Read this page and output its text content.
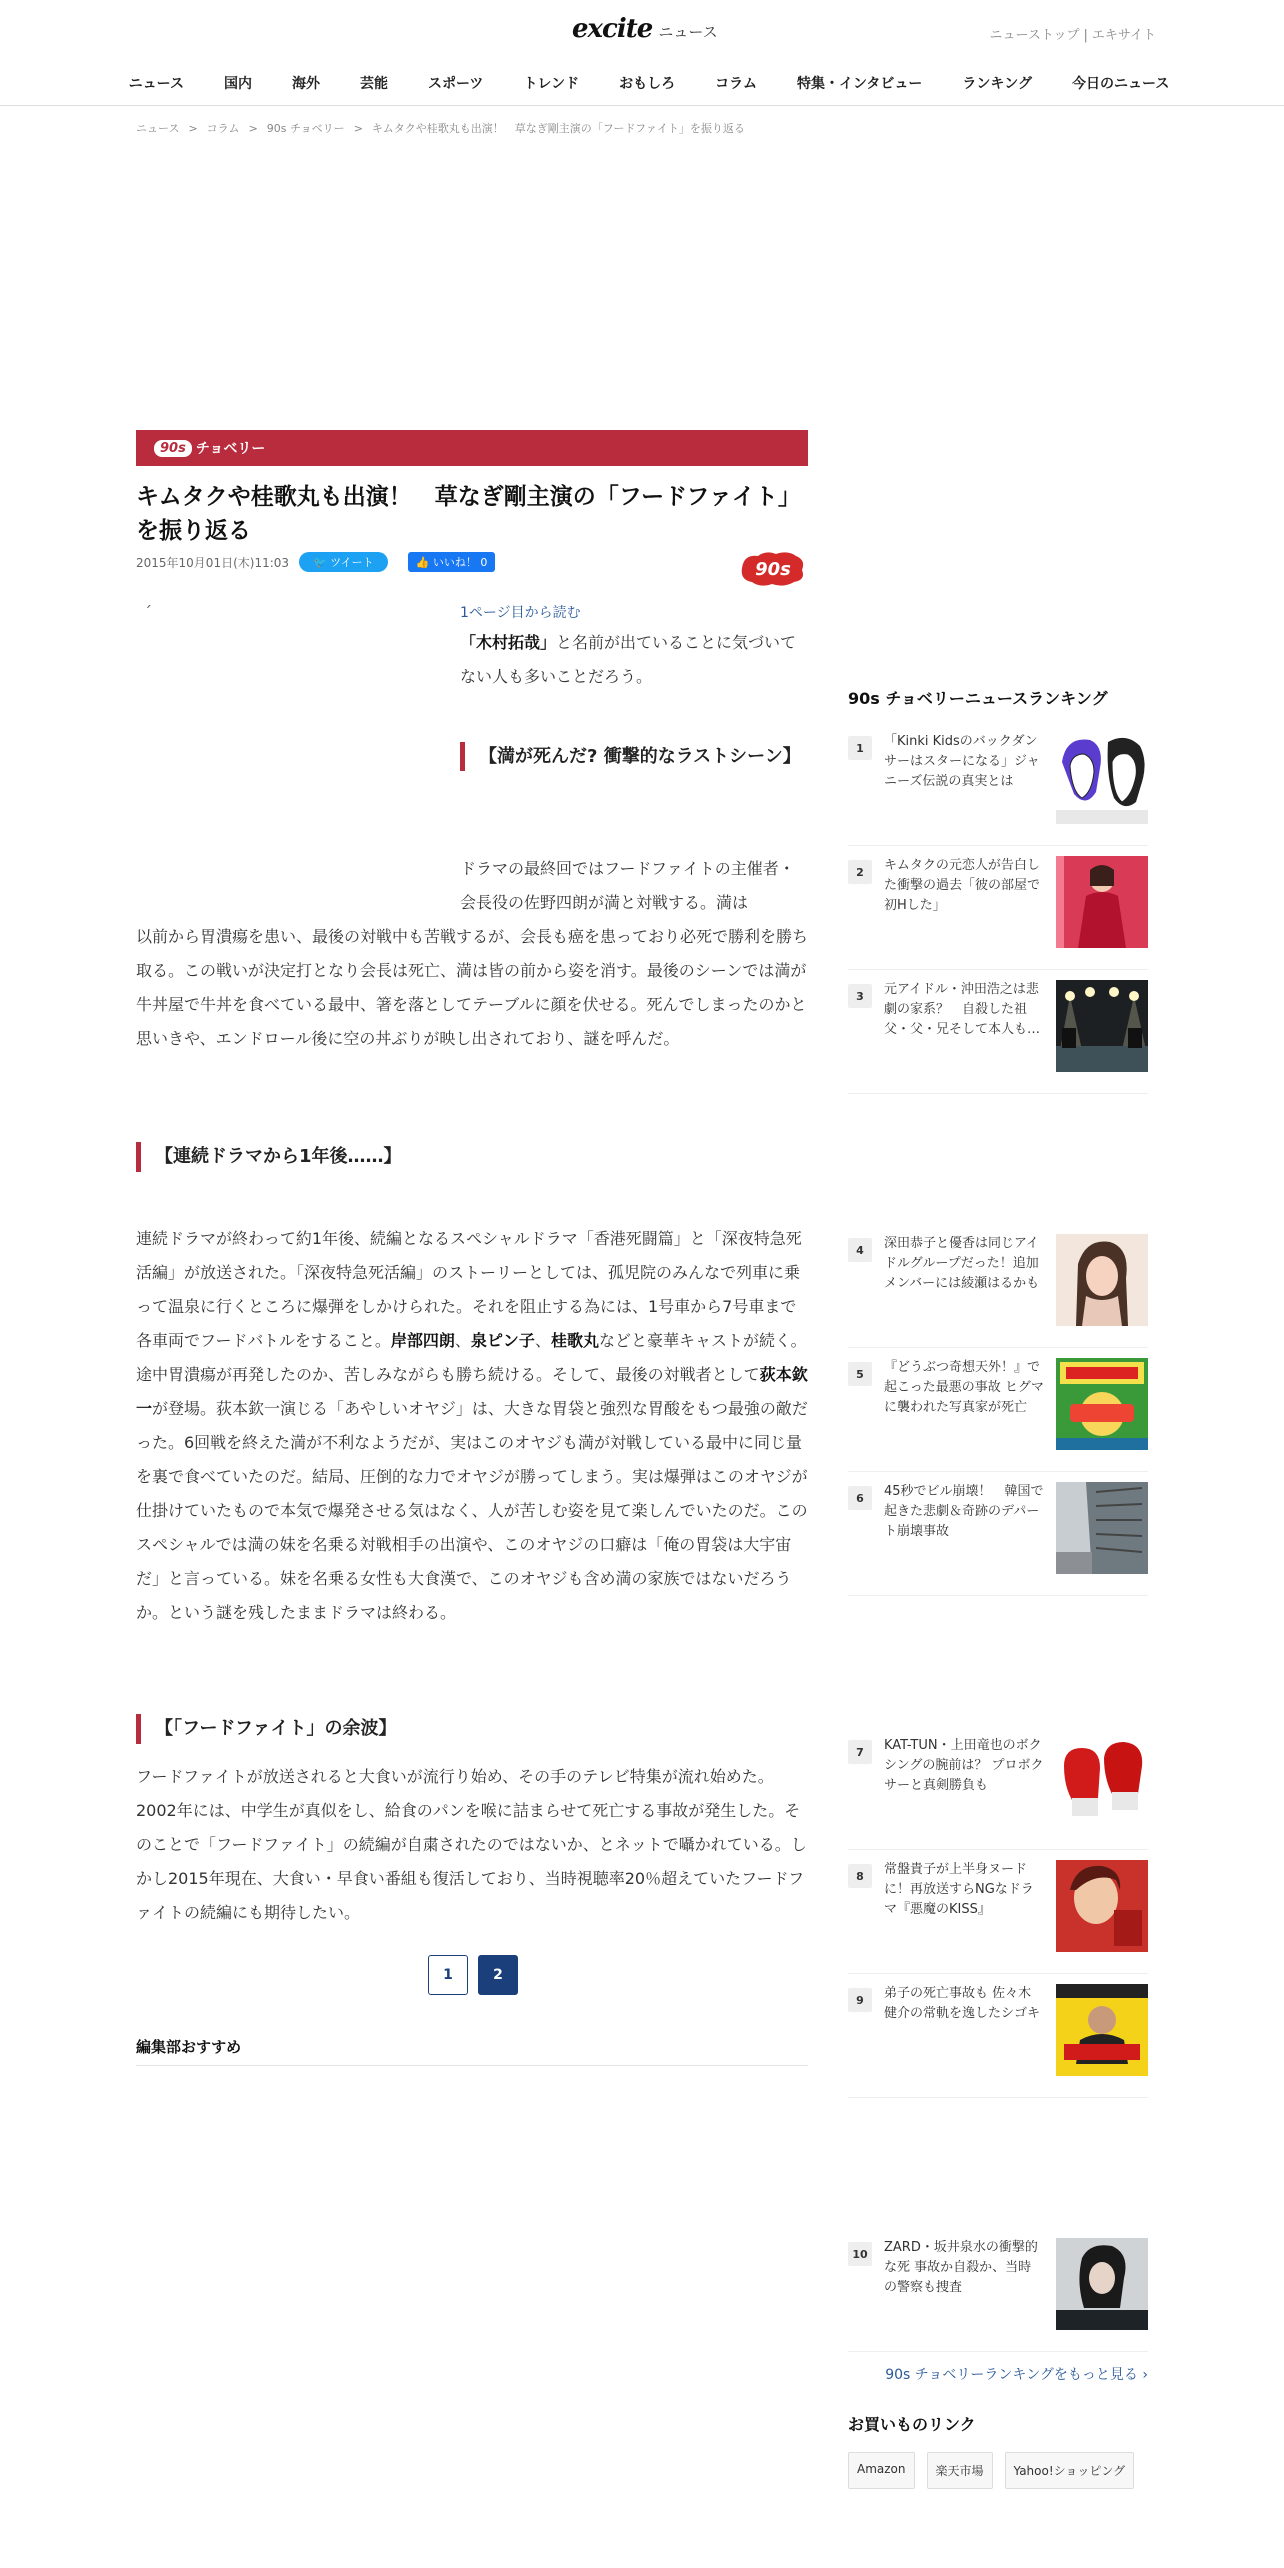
excite ニュース	ニューストップ | エキサイト
ニュース	国内	海外	芸能	スポーツ	トレンド	おもしろ	コラム	特集・インタビュー	ランキング	今日のニュース
ニュース > コラム > 90s チョベリー > キムタクや桂歌丸も出演！　草なぎ剛主演の「フードファイト」を振り返る
90s チョベリー
キムタクや桂歌丸も出演！　草なぎ剛主演の「フードファイト」を振り返る
2015年10月01日(木)11:03	🐦 ツイート	👍 いいね！ 0	90s
´	1ページ目から読む

「木村拓哉」と名前が出ていることに気づいてない人も多いことだろう。

【満が死んだ? 衝撃的なラストシーン】

ドラマの最終回ではフードファイトの主催者・会長役の佐野四朗が満と対戦する。満は

以前から胃潰瘍を患い、最後の対戦中も苦戦するが、会長も癌を患っており必死で勝利を勝ち取る。この戦いが決定打となり会長は死亡、満は皆の前から姿を消す。最後のシーンでは満が牛丼屋で牛丼を食べている最中、箸を落としてテーブルに顔を伏せる。死んでしまったのかと思いきや、エンドロール後に空の丼ぶりが映し出されており、謎を呼んだ。

【連続ドラマから1年後……】

連続ドラマが終わって約1年後、続編となるスペシャルドラマ「香港死闘篇」と「深夜特急死活編」が放送された。「深夜特急死活編」のストーリーとしては、孤児院のみんなで列車に乗って温泉に行くところに爆弾をしかけられた。それを阻止する為には、1号車から7号車まで各車両でフードバトルをすること。岸部四朗、泉ピン子、桂歌丸などと豪華キャストが続く。途中胃潰瘍が再発したのか、苦しみながらも勝ち続ける。そして、最後の対戦者として荻本欽一が登場。荻本欽一演じる「あやしいオヤジ」は、大きな胃袋と強烈な胃酸をもつ最強の敵だった。6回戦を終えた満が不利なようだが、実はこのオヤジも満が対戦している最中に同じ量を裏で食べていたのだ。結局、圧倒的な力でオヤジが勝ってしまう。実は爆弾はこのオヤジが仕掛けていたもので本気で爆発させる気はなく、人が苦しむ姿を見て楽しんでいたのだ。このスペシャルでは満の妹を名乗る対戦相手の出演や、このオヤジの口癖は「俺の胃袋は大宇宙だ」と言っている。妹を名乗る女性も大食漢で、このオヤジも含め満の家族ではないだろうか。という謎を残したままドラマは終わる。

【「フードファイト」の余波】

フードファイトが放送されると大食いが流行り始め、その手のテレビ特集が流れ始めた。2002年には、中学生が真似をし、給食のパンを喉に詰まらせて死亡する事故が発生した。そのことで「フードファイト」の続編が自粛されたのではないか、とネットで囁かれている。しかし2015年現在、大食い・早食い番組も復活しており、当時視聴率20％超えていたフードファイトの続編にも期待したい。

1	2
編集部おすすめ
90s チョベリーニュースランキング
1	「Kinki Kidsのバックダンサーはスターになる」ジャニーズ伝説の真実とは
2	キムタクの元恋人が告白した衝撃の過去「彼の部屋で初Hした」
3	元アイドル・沖田浩之は悲劇の家系？　自殺した祖父・父・兄そして本人も…
4	深田恭子と優香は同じアイドルグループだった！追加メンバーには綾瀬はるかも
5	『どうぶつ奇想天外！』で起こった最悪の事故 ヒグマに襲われた写真家が死亡
6	45秒でビル崩壊！　韓国で起きた悲劇＆奇跡のデパート崩壊事故
7	KAT-TUN・上田竜也のボクシングの腕前は？ プロボクサーと真剣勝負も
8	常盤貴子が上半身ヌードに！再放送すらNGなドラマ『悪魔のKISS』
9	弟子の死亡事故も 佐々木健介の常軌を逸したシゴキ
10	ZARD・坂井泉水の衝撃的な死 事故か自殺か、当時の警察も捜査
90s チョベリーランキングをもっと見る ›
お買いものリンク
Amazon	楽天市場	Yahoo!ショッピング
